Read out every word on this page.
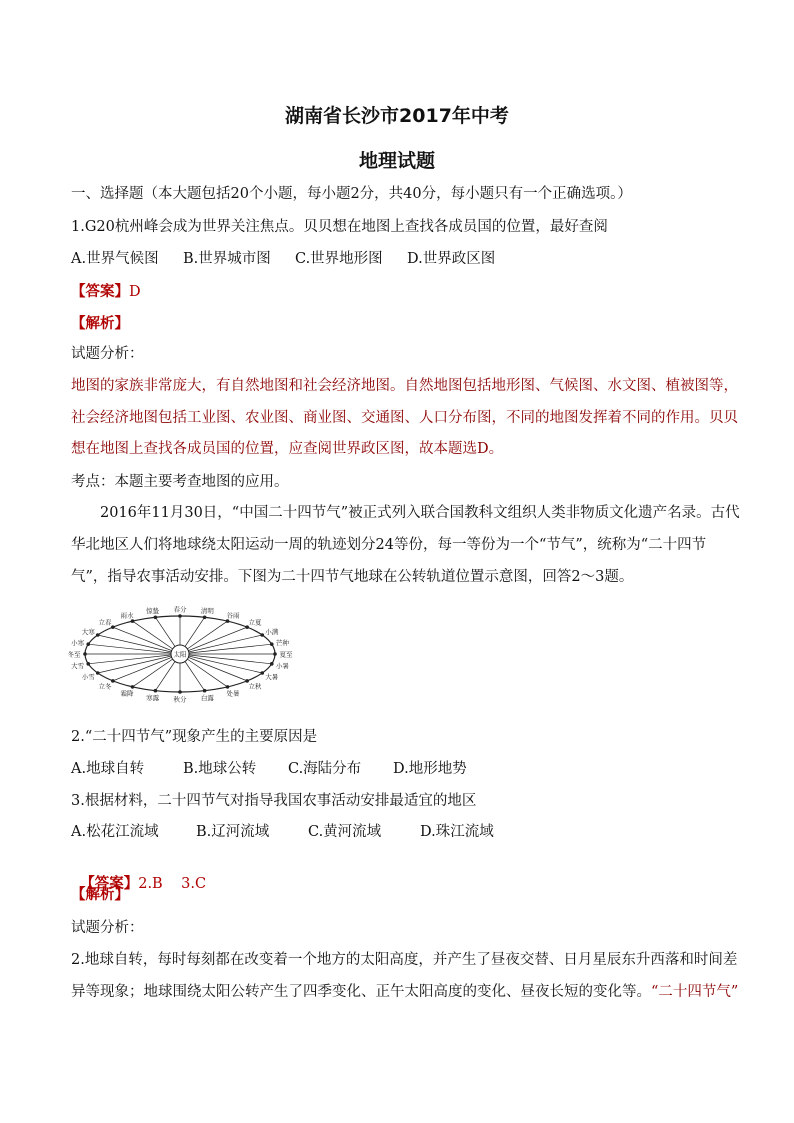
湖南省长沙市2017年中考
地理试题
一、选择题（本大题包括20个小题，每小题2分，共40分，每小题只有一个正确选项。）
1.G20杭州峰会成为世界关注焦点。贝贝想在地图上查找各成员国的位置，最好查阅
A.世界气候图 B.世界城市图 C.世界地形图 D.世界政区图
【答案】D
【解析】
试题分析：
地图的家族非常庞大，有自然地图和社会经济地图。自然地图包括地形图、气候图、水文图、植被图等，
社会经济地图包括工业图、农业图、商业图、交通图、人口分布图，不同的地图发挥着不同的作用。贝贝
想在地图上查找各成员国的位置，应查阅世界政区图，故本题选D。
考点：本题主要考查地图的应用。
2016年11月30日，“中国二十四节气”被正式列入联合国教科文组织人类非物质文化遗产名录。古代
华北地区人们将地球绕太阳运动一周的轨迹划分24等份，每一等份为一个“节气”，统称为“二十四节
气”，指导农事活动安排。下图为二十四节气地球在公转轨道位置示意图，回答2～3题。
太阳
立秋
处暑
白露
秋分
寒露
霜降
立冬
小雪
大雪
冬至
小寒
大寒
立春
雨水
惊蛰 春分 清明
谷雨
立夏
小满
芒种
夏至
小暑
大暑
2.“二十四节气”现象产生的主要原因是
A.地球自转	B.地球公转 C.海陆分布 D.地形地势
3.根据材料，二十四节气对指导我国农事活动安排最适宜的地区
A.松花江流域	B.辽河流域	C.黄河流域	D.珠江流域

【答案】2.B    3.C

【解析】
试题分析：
2.地球自转，每时每刻都在改变着一个地方的太阳高度，并产生了昼夜交替、日月星辰东升西落和时间差
异等现象；地球围绕太阳公转产生了四季变化、正午太阳高度的变化、昼夜长短的变化等。“二十四节气”
